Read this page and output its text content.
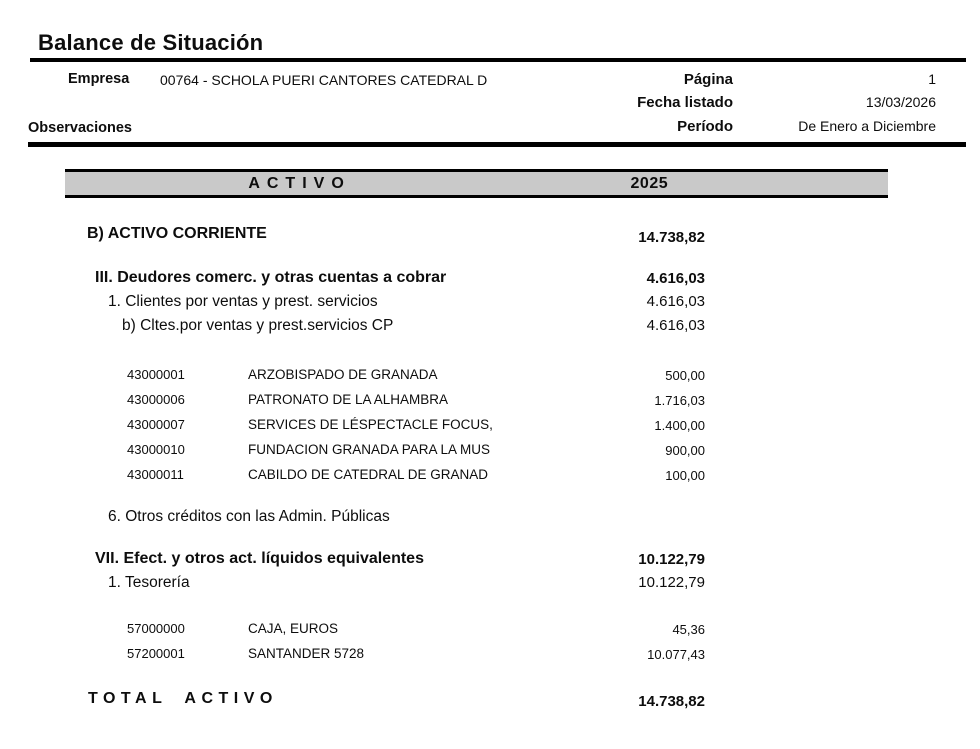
Balance de Situación
Empresa 00764 - SCHOLA PUERI CANTORES CATEDRAL D
Observaciones
Página	1
Fecha listado	13/03/2026
Período	De Enero a Diciembre
ACTIVO	2025
B) ACTIVO CORRIENTE	14.738,82
III. Deudores comerc. y otras cuentas a cobrar	4.616,03
1. Clientes por ventas y prest. servicios	4.616,03
b) Cltes.por ventas y prest.servicios CP	4.616,03
43000001	ARZOBISPADO DE GRANADA	500,00
43000006	PATRONATO DE LA ALHAMBRA	1.716,03
43000007	SERVICES DE LÉSPECTACLE FOCUS,	1.400,00
43000010	FUNDACION GRANADA PARA LA MUS	900,00
43000011	CABILDO DE CATEDRAL DE GRANAD	100,00
6. Otros créditos con las Admin. Públicas
VII. Efect. y otros act. líquidos equivalentes	10.122,79
1. Tesorería	10.122,79
57000000	CAJA, EUROS	45,36
57200001	SANTANDER 5728	10.077,43
TOTAL ACTIVO	14.738,82
